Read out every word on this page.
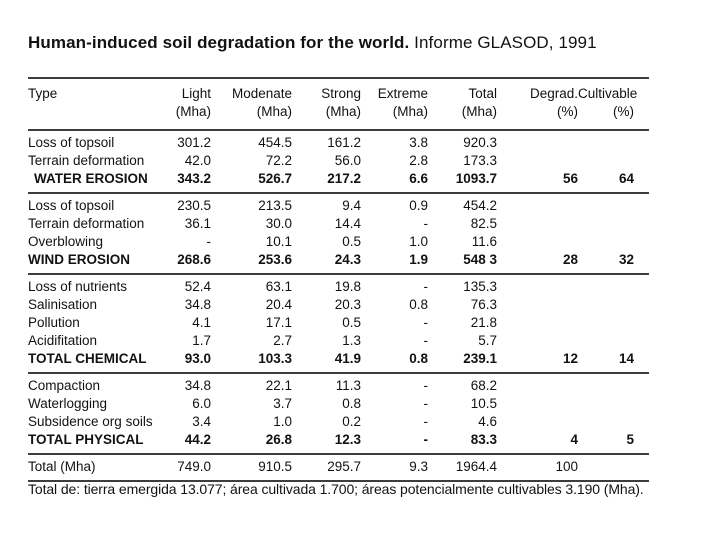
Human-induced soil degradation for the world. Informe GLASOD, 1991
Type	Light	Modenate	Strong	Extreme	Total	Degrad.	Cultivable
	(Mha)	(Mha)	(Mha)	(Mha)	(Mha)	(%)	(%)
Loss of topsoil	301.2	454.5	161.2	3.8	920.3		
Terrain deformation	42.0	72.2	56.0	2.8	173.3		
WATER EROSION	343.2	526.7	217.2	6.6	1093.7	56	64
Loss of topsoil	230.5	213.5	9.4	0.9	454.2		
Terrain deformation	36.1	30.0	14.4	-	82.5		
Overblowing	-	10.1	0.5	1.0	11.6		
WIND EROSION	268.6	253.6	24.3	1.9	548 3	28	32
Loss of nutrients	52.4	63.1	19.8	-	135.3		
Salinisation	34.8	20.4	20.3	0.8	76.3		
Pollution	4.1	17.1	0.5	-	21.8		
Acidifitation	1.7	2.7	1.3	-	5.7		
TOTAL CHEMICAL	93.0	103.3	41.9	0.8	239.1	12	14
Compaction	34.8	22.1	11.3	-	68.2		
Waterlogging	6.0	3.7	0.8	-	10.5		
Subsidence org soils	3.4	1.0	0.2	-	4.6		
TOTAL PHYSICAL	44.2	26.8	12.3	-	83.3	4	5
Total (Mha)	749.0	910.5	295.7	9.3	1964.4	100	
Total de: tierra emergida 13.077; área cultivada 1.700; áreas potencialmente cultivables 3.190 (Mha).
